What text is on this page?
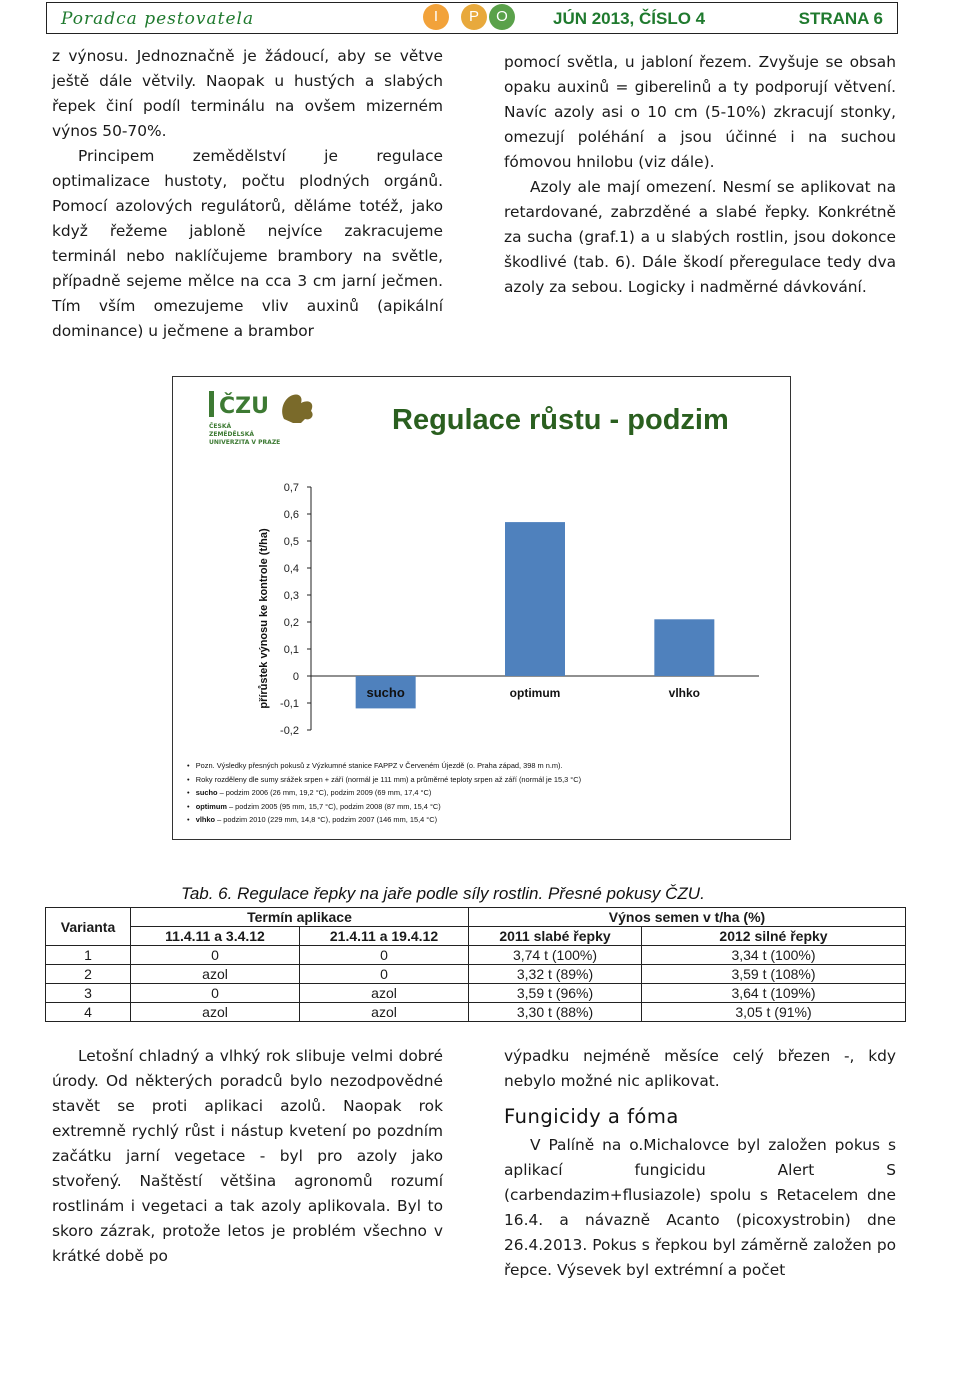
Poradca pestovatela	I	P	O	JÚN 2013, ČÍSLO 4	STRANA 6

z výnosu. Jednoznačně je žádoucí, aby se větve ještě dále větvily. Naopak u hustých a slabých řepek činí podíl terminálu na ovšem mizerném výnos 50-70%.

Principem zemědělství je regulace optimalizace hustoty, počtu plodných orgánů. Pomocí azolových regulátorů, děláme totéž, jako když řežeme jabloně nejvíce zakracujeme terminál nebo naklíčujeme brambory na světle, případně sejeme mělce na cca 3 cm jarní ječmen. Tím vším omezujeme vliv auxinů (apikální dominance) u ječmene a brambor

pomocí světla, u jabloní řezem. Zvyšuje se obsah opaku auxinů = giberelinů a ty podporují větvení. Navíc azoly asi o 10 cm (5-10%) zkracují stonky, omezují poléhání a jsou účinné i na suchou fómovou hnilobu (viz dále).

Azoly ale mají omezení. Nesmí se aplikovat na retardované, zabrzděné a slabé řepky. Konkrétně za sucha (graf.1) a u slabých rostlin, jsou dokonce škodlivé (tab. 6). Dále škodí přeregulace tedy dva azoly za sebou. Logicky i nadměrné dávkování.

ČZU
ČESKÁ
ZEMĚDĚLSKÁ
UNIVERZITA V PRAZE
Regulace růstu - podzim
0,7
0,6
0,5
0,4
0,3
0,2
0,1
0
-0,1
-0,2
přírůstek výnosu ke kontrole (t/ha)	sucho	optimum	vlhko
•   Pozn. Výsledky přesných pokusů z Výzkumné stanice FAPPZ v Červeném Újezdě (o. Praha západ, 398 m n.m).
•   Roky rozděleny dle sumy srážek srpen + září (normál je 111 mm) a průměrné teploty srpen až září (normál je 15,3 °C)
•   sucho – podzim 2006 (26 mm, 19,2 °C), podzim 2009 (69 mm, 17,4 °C)
•   optimum – podzim 2005 (95 mm, 15,7 °C), podzim 2008 (87 mm, 15,4 °C)
•   vlhko – podzim 2010 (229 mm, 14,8 °C), podzim 2007 (146 mm, 15,4 °C)
Tab. 6. Regulace řepky na jaře podle síly rostlin. Přesné pokusy ČZU.
Varianta	Termín aplikace		Výnos semen v t/ha (%)	
	11.4.11 a 3.4.12	21.4.11 a 19.4.12	2011 slabé řepky	2012 silné řepky
1	0	0	3,74 t (100%)	3,34 t (100%)
2	azol	0	3,32 t (89%)	3,59 t (108%)
3	0	azol	3,59 t (96%)	3,64 t (109%)
4	azol	azol	3,30 t (88%)	3,05 t (91%)

Letošní chladný a vlhký rok slibuje velmi dobré úrody. Od některých poradců bylo nezodpovědné stavět se proti aplikaci azolů. Naopak rok extremně rychlý růst i nástup kvetení po pozdním začátku jarní vegetace - byl pro azoly jako stvořený. Naštěstí většina agronomů rozumí rostlinám i vegetaci a tak azoly aplikovala. Byl to skoro zázrak, protože letos je problém všechno v krátké době po

výpadku nejméně měsíce celý březen -, kdy nebylo možné nic aplikovat.

Fungicidy a fóma

V Palíně na o.Michalovce byl založen pokus s aplikací fungicidu Alert S (carbendazim+flusiazole) spolu s Retacelem dne 16.4. a návazně Acanto (picoxystrobin) dne 26.4.2013. Pokus s řepkou byl záměrně založen po řepce. Výsevek byl extrémní a počet
